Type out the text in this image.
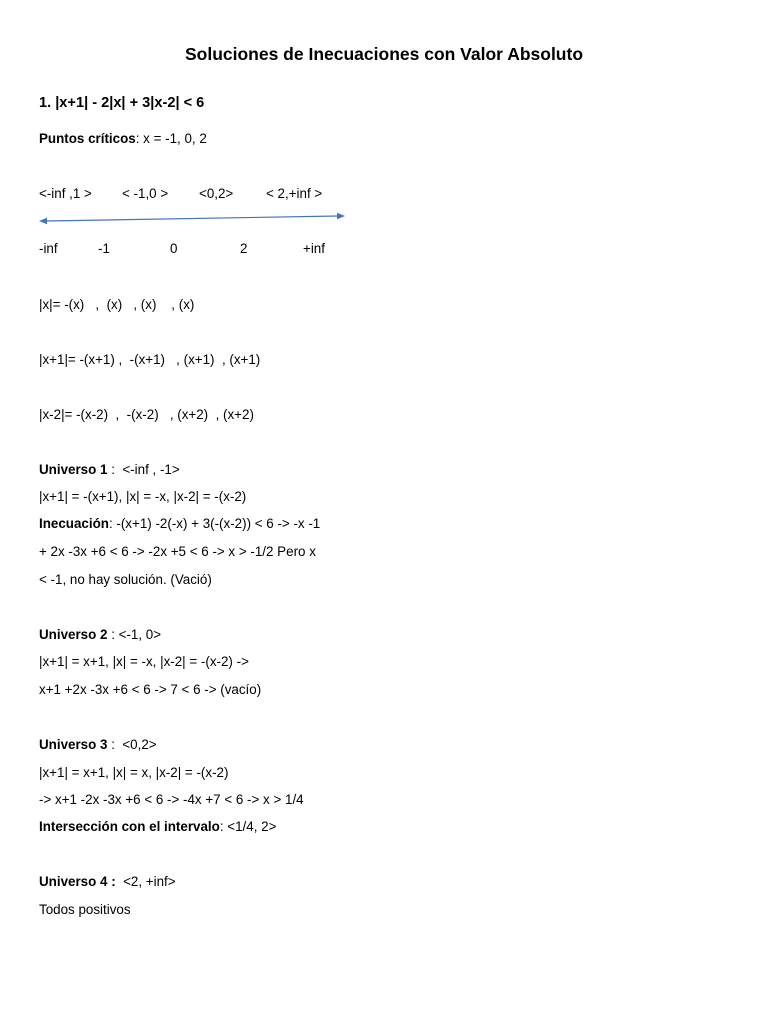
Soluciones de Inecuaciones con Valor Absoluto
1. |x+1| - 2|x| + 3|x-2| < 6
Puntos críticos: x = -1, 0, 2
<-inf ,1 > < -1,0 > <0,2> < 2,+inf >
-inf	-1	0	2	+inf
|x|= -(x)   ,  (x)   , (x)    , (x)
|x+1|= -(x+1) ,  -(x+1)   , (x+1)  , (x+1)
|x-2|= -(x-2)  ,  -(x-2)   , (x+2)  , (x+2)
Universo 1 :  <-inf , -1>
|x+1| = -(x+1), |x| = -x, |x-2| = -(x-2)
Inecuación: -(x+1) -2(-x) + 3(-(x-2)) < 6 -> -x -1
+ 2x -3x +6 < 6 -> -2x +5 < 6 -> x > -1/2 Pero x
< -1, no hay solución. (Vació)
Universo 2 : <-1, 0>
|x+1| = x+1, |x| = -x, |x-2| = -(x-2) ->
x+1 +2x -3x +6 < 6 -> 7 < 6 -> (vacío)
Universo 3 :  <0,2>
|x+1| = x+1, |x| = x, |x-2| = -(x-2)
-> x+1 -2x -3x +6 < 6 -> -4x +7 < 6 -> x > 1/4
Intersección con el intervalo: <1/4, 2>
Universo 4 :  <2, +inf>
Todos positivos
